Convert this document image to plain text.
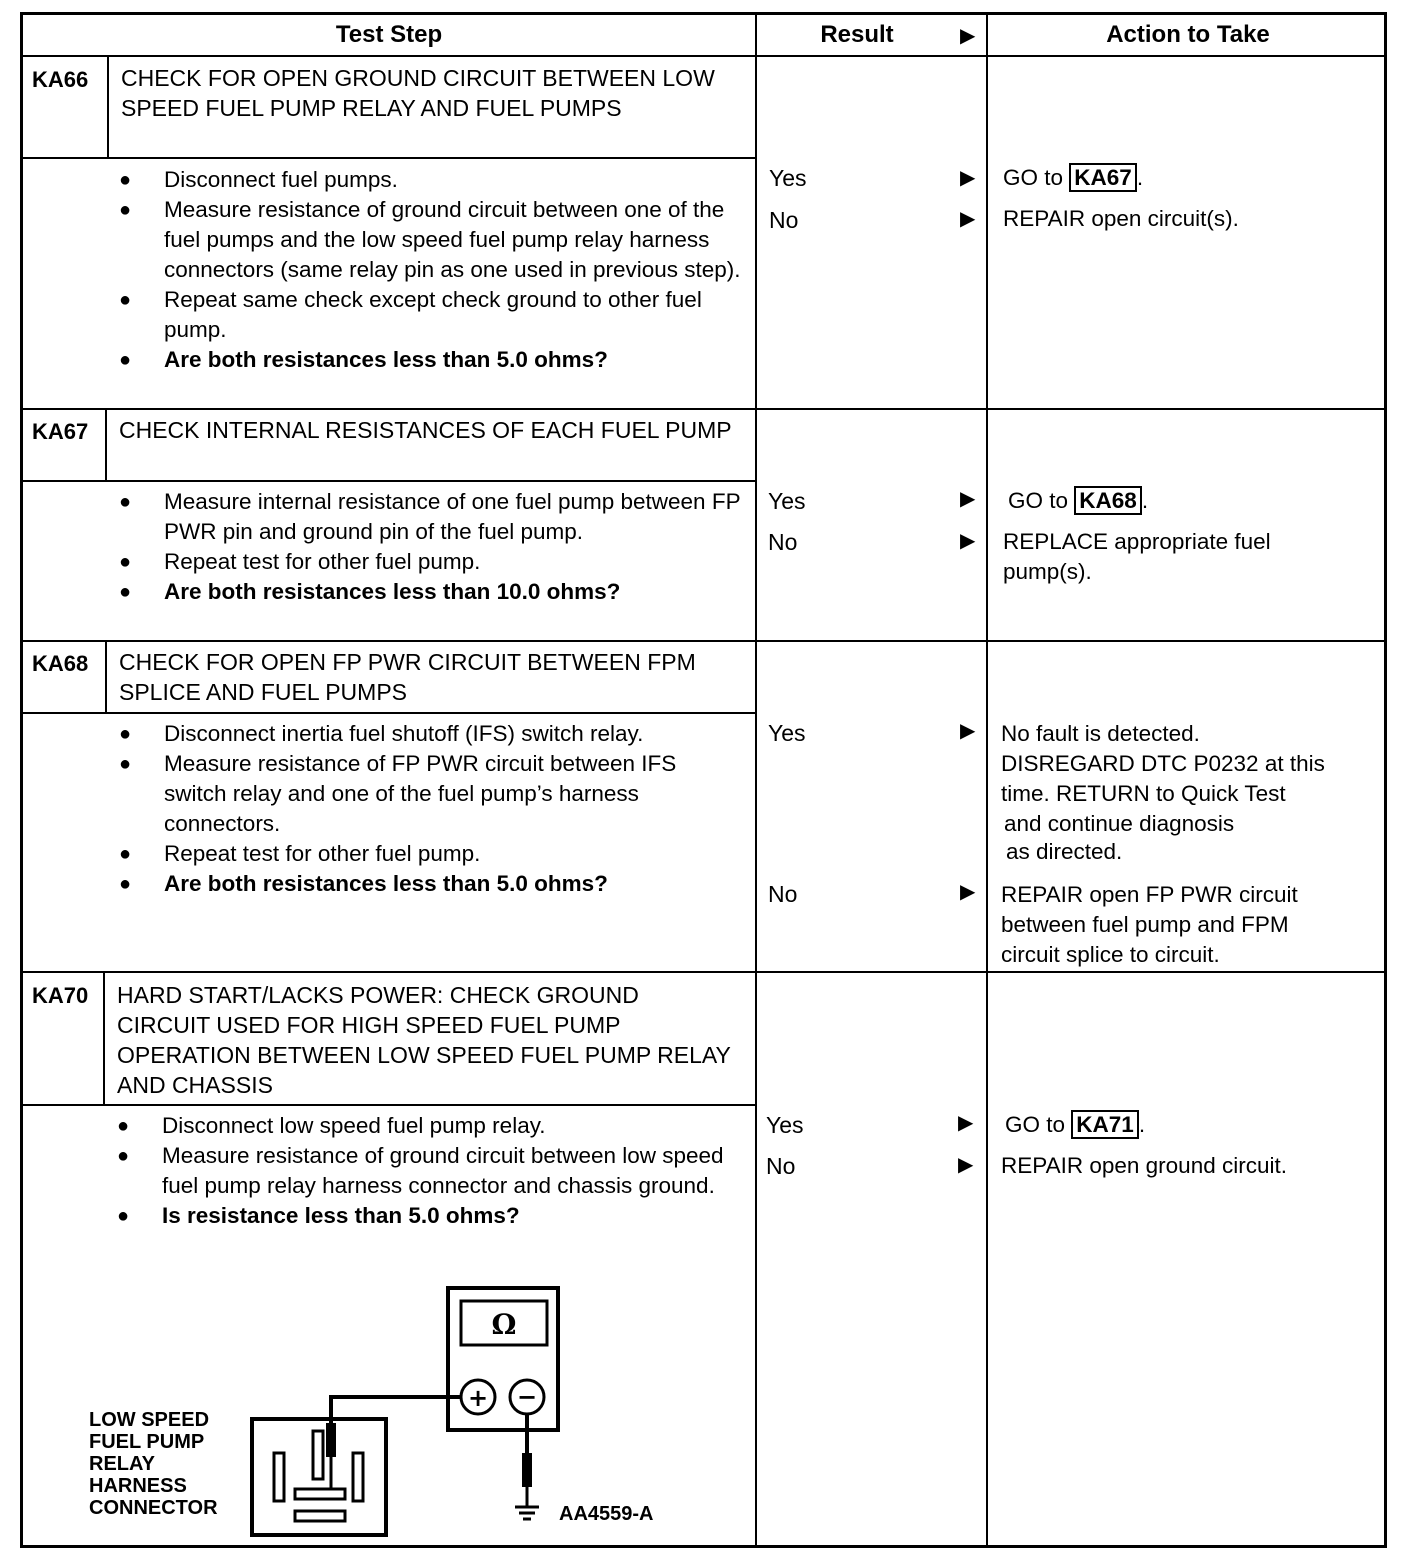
Test Step	Result	▶	Action to Take
KA66 CHECK FOR OPEN GROUND CIRCUIT BETWEEN LOW SPEED FUEL PUMP RELAY AND FUEL PUMPS
● Disconnect fuel pumps.
● Measure resistance of ground circuit between one of the fuel pumps and the low speed fuel pump relay harness connectors (same relay pin as one used in previous step).
● Repeat same check except check ground to other fuel pump.
● Are both resistances less than 5.0 ohms?
Yes	▶ GO to KA67 .
No	▶ REPAIR open circuit(s).
KA67 CHECK INTERNAL RESISTANCES OF EACH FUEL PUMP
● Measure internal resistance of one fuel pump between FP PWR pin and ground pin of the fuel pump.
● Repeat test for other fuel pump.
● Are both resistances less than 10.0 ohms?
Yes	▶ GO to KA68 .
No	▶ REPLACE appropriate fuel pump(s).
KA68 CHECK FOR OPEN FP PWR CIRCUIT BETWEEN FPM SPLICE AND FUEL PUMPS
● Disconnect inertia fuel shutoff (IFS) switch relay.
● Measure resistance of FP PWR circuit between IFS switch relay and one of the fuel pump’s harness connectors.
● Repeat test for other fuel pump.
● Are both resistances less than 5.0 ohms?
Yes	▶ No fault is detected.
DISREGARD DTC P0232 at this
time. RETURN to Quick Test
and continue diagnosis
as directed.
No	▶ REPAIR open FP PWR circuit
between fuel pump and FPM
circuit splice to circuit.
KA70 HARD START/LACKS POWER: CHECK GROUND CIRCUIT USED FOR HIGH SPEED FUEL PUMP OPERATION BETWEEN LOW SPEED FUEL PUMP RELAY AND CHASSIS
● Disconnect low speed fuel pump relay.
● Measure resistance of ground circuit between low speed fuel pump relay harness connector and chassis ground.
● Is resistance less than 5.0 ohms?
Yes	▶ GO to KA71 .
No	▶ REPAIR open ground circuit.
LOW SPEED
FUEL PUMP
RELAY
HARNESS
CONNECTOR
Ω
+ −
AA4559-A
